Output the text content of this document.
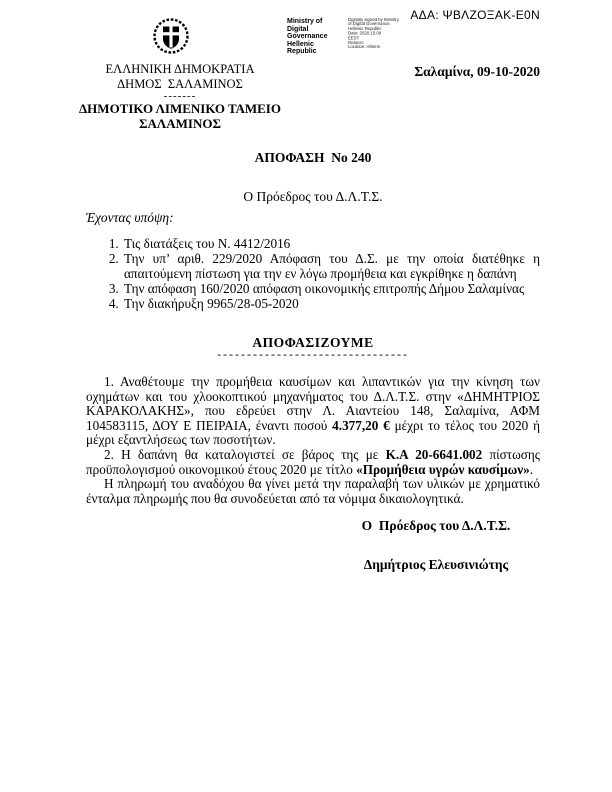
ΑΔΑ: ΨΒΛΖΟΞΑΚ-Ε0Ν
Ministry of Digital
Governance
Hellenic Republic
Digitally signed by Ministry
of Digital Governance,
Hellenic Republic
Date: 2020.10.09
EEST
Reason:
Location: Athens
ΕΛΛΗΝΙΚΗ ΔΗΜΟΚΡΑΤΙΑ
ΔΗΜΟΣ  ΣΑΛΑΜΙΝΟΣ
-------
ΔΗΜΟΤΙΚΟ ΛΙΜΕΝΙΚΟ ΤΑΜΕΙΟ
ΣΑΛΑΜΙΝΟΣ
Σαλαμίνα, 09-10-2020
ΑΠΟΦΑΣΗ  Νο 240
Ο Πρόεδρος του Δ.Λ.Τ.Σ.
Έχοντας υπόψη:
1. Τις διατάξεις του Ν. 4412/2016
2. Την υπ’ αριθ. 229/2020 Απόφαση του Δ.Σ. με την οποία διατέθηκε η απαιτούμενη πίστωση για την εν λόγω προμήθεια και εγκρίθηκε η δαπάνη
3. Την απόφαση 160/2020 απόφαση οικονομικής επιτροπής Δήμου Σαλαμίνας
4. Την διακήρυξη 9965/28-05-2020
ΑΠΟΦΑΣΙΖΟΥΜΕ
--------------------------------

1. Αναθέτουμε την προμήθεια καυσίμων και λιπαντικών για την κίνηση των οχημάτων και του χλοοκοπτικού μηχανήματος του Δ.Λ.Τ.Σ. στην «ΔΗΜΗΤΡΙΟΣ ΚΑΡΑΚΟΛΑΚΗΣ», που εδρεύει στην Λ. Αιαντείου 148, Σαλαμίνα, ΑΦΜ 104583115, ΔΟΥ Ε ΠΕΙΡΑΙΑ, έναντι ποσού 4.377,20 € μέχρι το τέλος του 2020 ή μέχρι εξαντλήσεως των ποσοτήτων.

2. Η δαπάνη θα καταλογιστεί σε βάρος της με Κ.Α 20-6641.002 πίστωσης προϋπολογισμού οικονομικού έτους 2020 με τίτλο «Προμήθεια υγρών καυσίμων».

Η πληρωμή του αναδόχου θα γίνει μετά την παραλαβή των υλικών με χρηματικό ένταλμα πληρωμής που θα συνοδεύεται από τα νόμιμα δικαιολογητικά.

Ο  Πρόεδρος του Δ.Λ.Τ.Σ.
Δημήτριος Ελευσινιώτης
